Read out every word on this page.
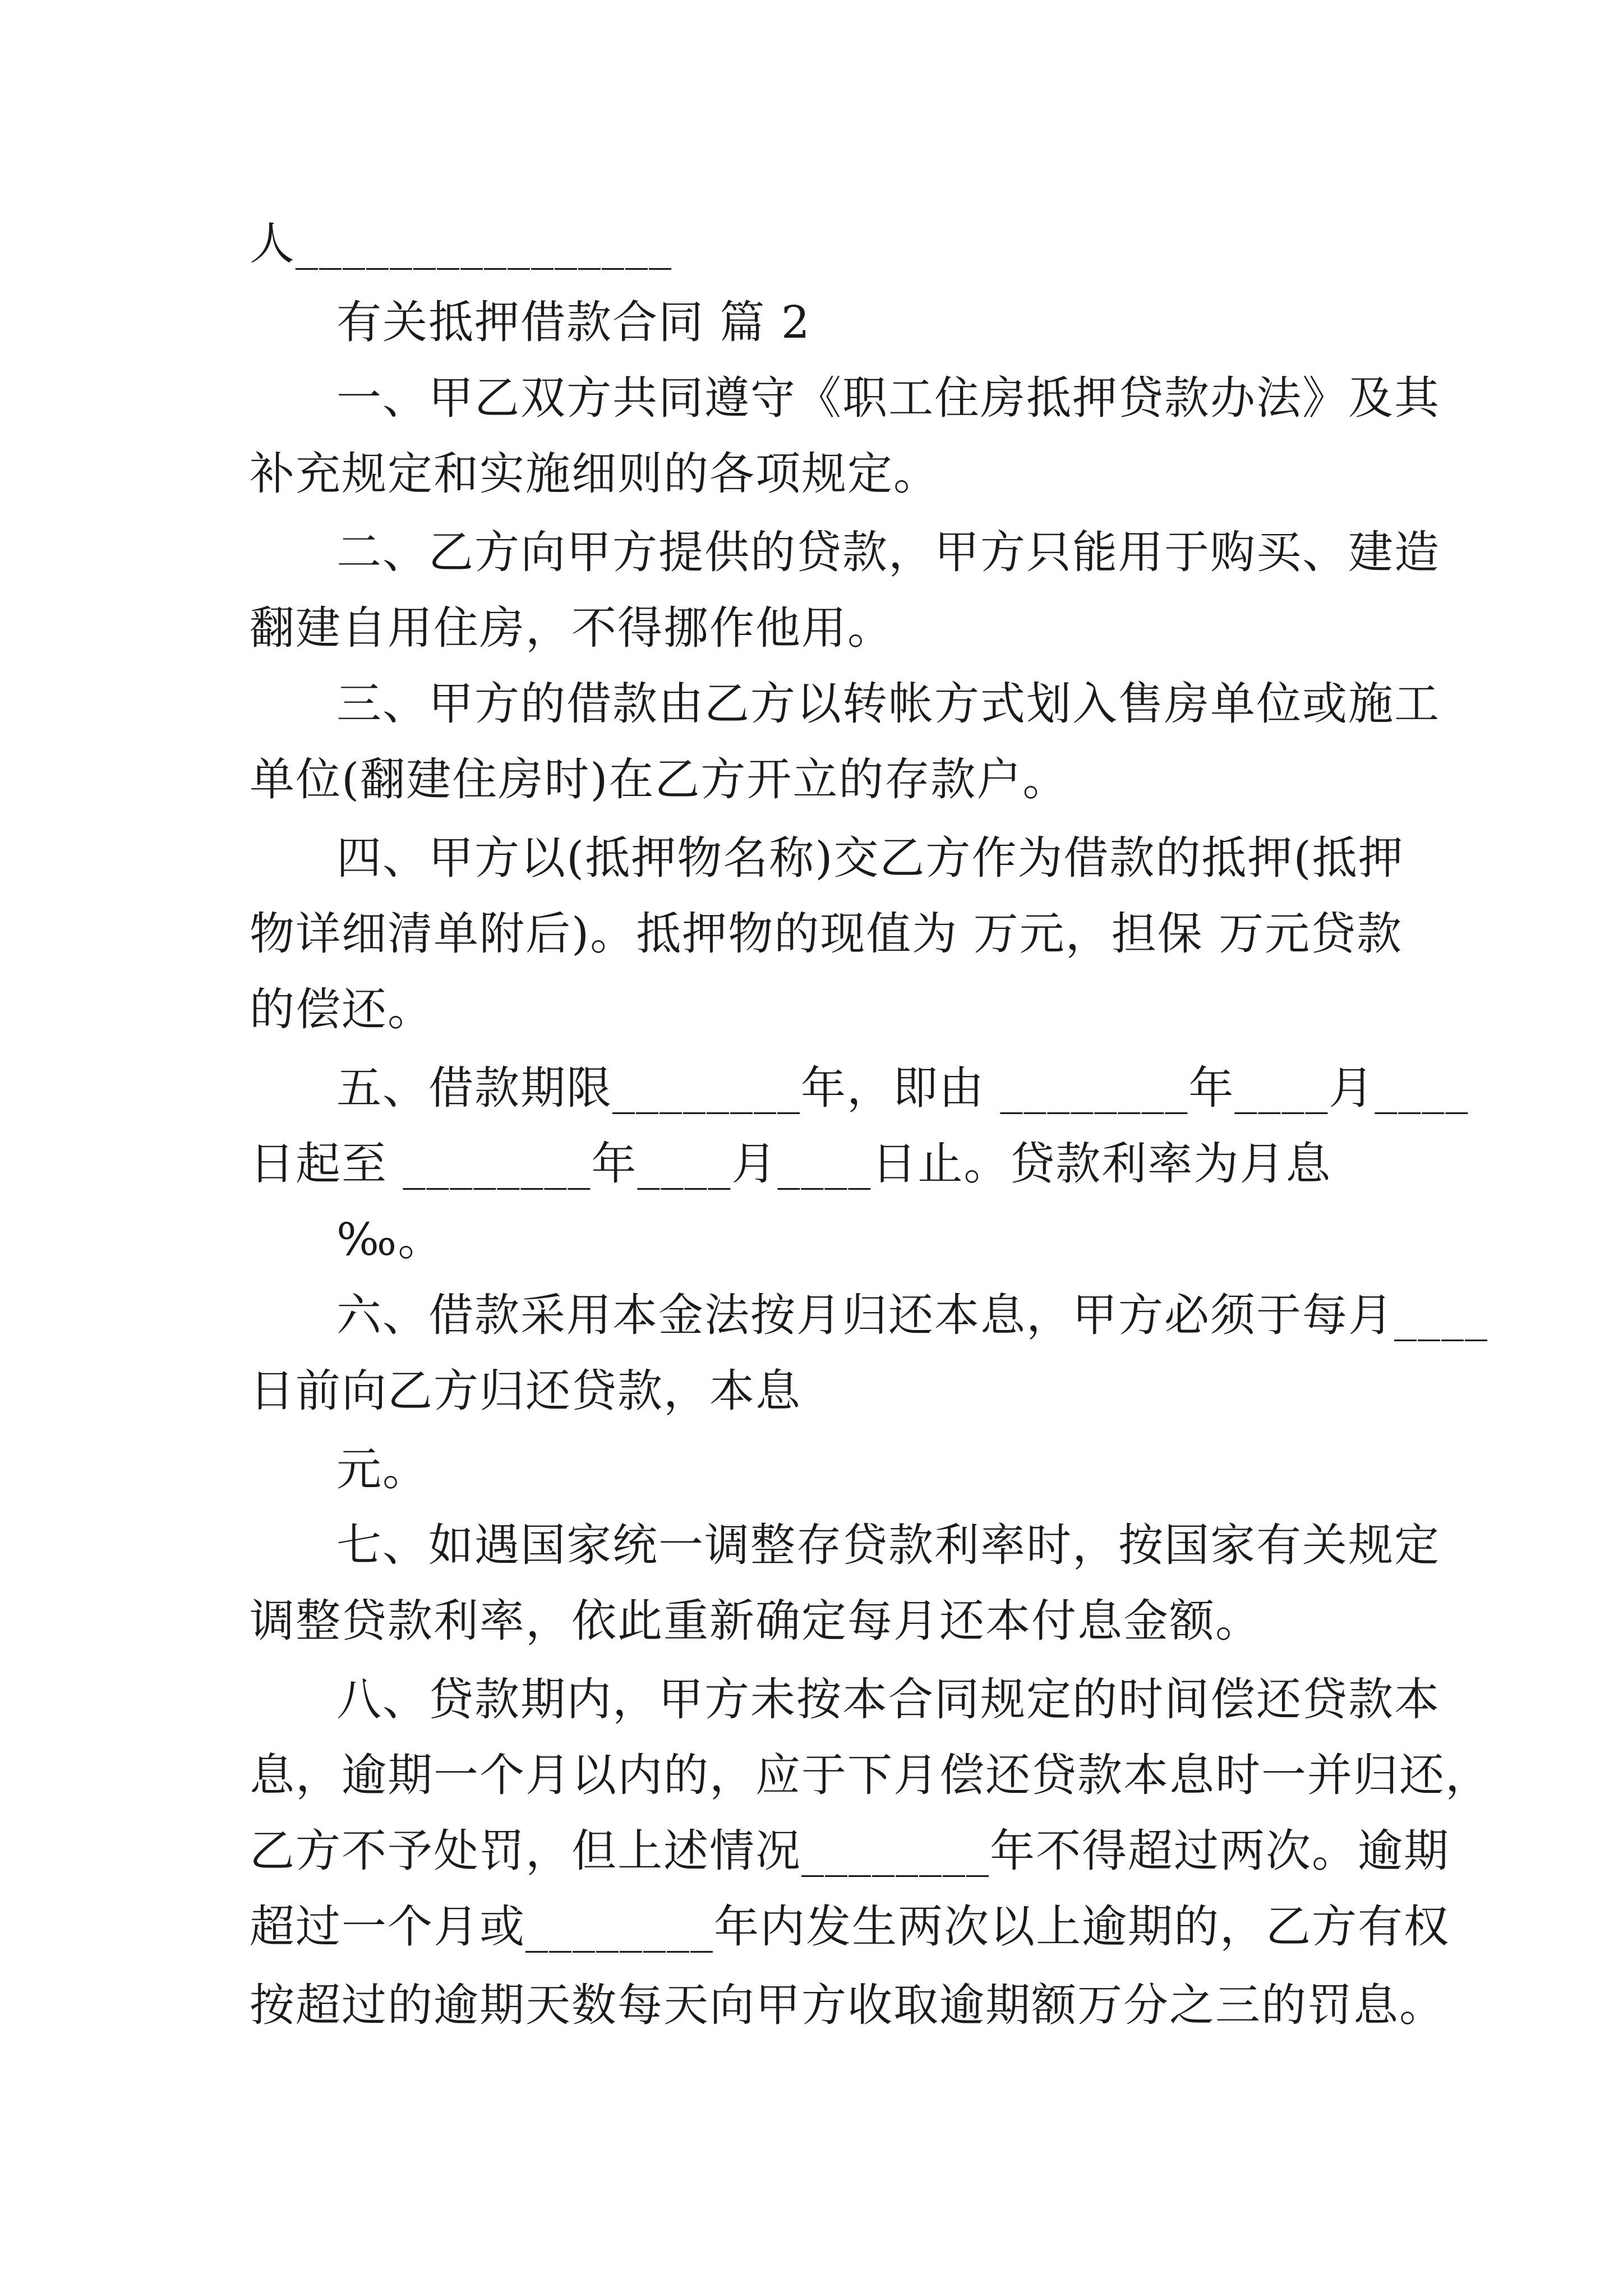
人________________
有关抵押借款合同 篇 2
一、甲乙双方共同遵守《职工住房抵押贷款办法》及其
补充规定和实施细则的各项规定。
二、乙方向甲方提供的贷款，甲方只能用于购买、建造
翻建自用住房，不得挪作他用。
三、甲方的借款由乙方以转帐方式划入售房单位或施工
单位(翻建住房时)在乙方开立的存款户。
四、甲方以(抵押物名称)交乙方作为借款的抵押(抵押
物详细清单附后)。抵押物的现值为 万元，担保 万元贷款
的偿还。
五、借款期限________年，即由 ________年____月____
日起至 ________年____月____日止。贷款利率为月息
‰。
六、借款采用本金法按月归还本息，甲方必须于每月____
日前向乙方归还贷款，本息
元。
七、如遇国家统一调整存贷款利率时，按国家有关规定
调整贷款利率，依此重新确定每月还本付息金额。
八、贷款期内，甲方未按本合同规定的时间偿还贷款本
息，逾期一个月以内的，应于下月偿还贷款本息时一并归还，
乙方不予处罚，但上述情况________年不得超过两次。逾期
超过一个月或________年内发生两次以上逾期的，乙方有权
按超过的逾期天数每天向甲方收取逾期额万分之三的罚息。
